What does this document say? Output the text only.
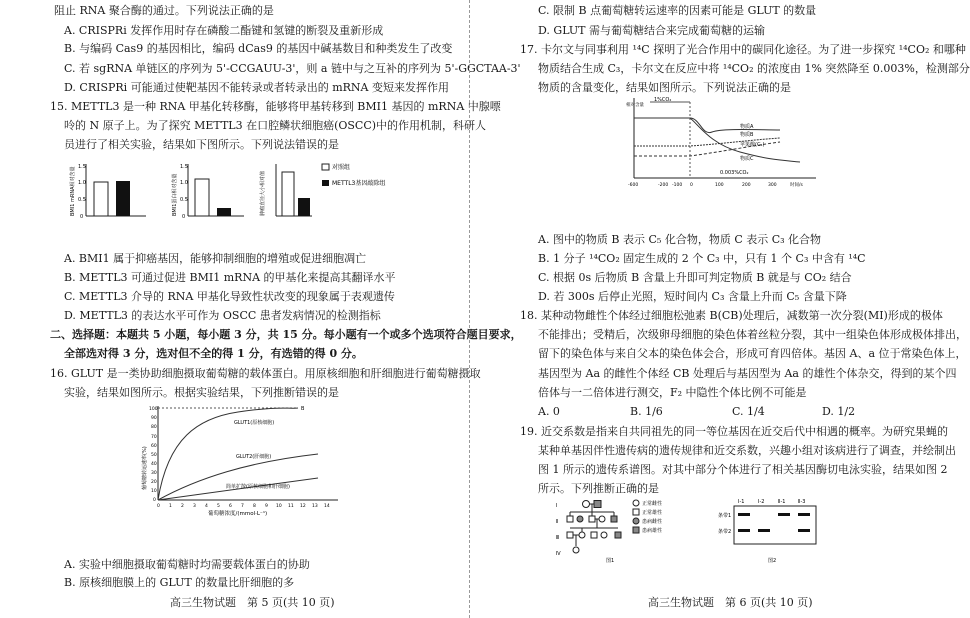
阻止 RNA 聚合酶的通过。下列说法正确的是
A. CRISPRi 发挥作用时存在磷酸二酯键和氢键的断裂及重新形成
B. 与编码 Cas9 的基因相比，编码 dCas9 的基因中碱基数目和种类发生了改变
C. 若 sgRNA 单链区的序列为 5'-CCGAUU-3'，则 a 链中与之互补的序列为 5'-GGCTAA-3'
D. CRISPRi 可能通过使靶基因不能转录或者转录出的 mRNA 变短来发挥作用
15. METTL3 是一种 RNA 甲基化转移酶，能够将甲基转移到 BMI1 基因的 mRNA 中腺嘌
呤的 N 原子上。为了探究 METTL3 在口腔鳞状细胞癌(OSCC)中的作用机制，科研人
员进行了相关实验，结果如下图所示。下列说法错误的是
BMI1 mRNA相对含量 1.5
1.0
0.5
0
BMI1蛋白相对含量
1.5
1.0
0.5
0
肿瘤直径大小相对值
对照组
METTL3基因敲除组
A. BMI1 属于抑癌基因，能够抑制细胞的增殖或促进细胞凋亡
B. METTL3 可通过促进 BMI1 mRNA 的甲基化来提高其翻译水平
C. METTL3 介导的 RNA 甲基化导致性状改变的现象属于表观遗传
D. METTL3 的表达水平可作为 OSCC 患者发病情况的检测指标
二、选择题：本题共 5 小题，每小题 3 分，共 15 分。每小题有一个或多个选项符合题目要求，
全部选对得 3 分，选对但不全的得 1 分，有选错的得 0 分。
16. GLUT 是一类协助细胞摄取葡萄糖的载体蛋白。用原核细胞和肝细胞进行葡萄糖摄取
实验，结果如图所示。根据实验结果，下列推断错误的是
葡萄糖转运速率(%)
100
90
80
70
60
50
40
30
20
10
0
0 1 2 3 4 5 6 7 8 9 10 11 12 13 14
葡萄糖浓度/(mmol·L⁻¹)
B
GLUT1(原核细胞)
GLUT2(肝细胞)
简单扩散(原核细胞和肝细胞)
A. 实验中细胞摄取葡萄糖时均需要载体蛋白的协助
B. 原核细胞膜上的 GLUT 的数量比肝细胞的多
高三生物试题　第 5 页(共 10 页)
C. 限制 B 点葡萄糖转运速率的因素可能是 GLUT 的数量
D. GLUT 需与葡萄糖结合来完成葡萄糖的运输
17. 卡尔文与同事利用 ¹⁴C 探明了光合作用中的碳同化途径。为了进一步探究 ¹⁴CO₂ 和哪种
物质结合生成 C₃，卡尔文在反应中将 ¹⁴CO₂ 的浓度由 1% 突然降至 0.003%，检测部分
物质的含量变化，结果如图所示。下列说法正确的是
相对含量
1%CO₂
物质A
物质B
苹果酸(C₄)
物质C
0.003%CO₂
-600	-200 -100 0	100	200	300	时间/s
A. 图中的物质 B 表示 C₅ 化合物，物质 C 表示 C₃ 化合物
B. 1 分子 ¹⁴CO₂ 固定生成的 2 个 C₃ 中，只有 1 个 C₃ 中含有 ¹⁴C
C. 根据 0s 后物质 B 含量上升即可判定物质 B 就是与 CO₂ 结合
D. 若 300s 后停止光照，短时间内 C₃ 含量上升而 C₅ 含量下降
18. 某种动物雌性个体经过细胞松弛素 B(CB)处理后，减数第一次分裂(MⅠ)形成的极体
不能排出；受精后，次级卵母细胞的染色体着丝粒分裂，其中一组染色体形成极体排出，
留下的染色体与来自父本的染色体会合，形成可育四倍体。基因 A、a 位于常染色体上，
基因型为 Aa 的雌性个体经 CB 处理后与基因型为 Aa 的雄性个体杂交，得到的某个四
倍体与一二倍体进行测交，F₂ 中隐性个体比例不可能是
A. 0	B. 1/6	C. 1/4	D. 1/2
19. 近交系数是指来自共同祖先的同一等位基因在近交后代中相遇的概率。为研究果蝇的
某种单基因伴性遗传病的遗传规律和近交系数，兴趣小组对该病进行了调查，并绘制出
图 1 所示的遗传系谱图。对其中部分个体进行了相关基因酶切电泳实验，结果如图 2
所示。下列推断正确的是
Ⅰ
Ⅱ
Ⅲ
Ⅳ
正常雌性
正常雄性
患病雌性
患病雄性
图1
Ⅰ-1	Ⅰ-2	Ⅱ-1	Ⅱ-3
条带1
条带2
图2
高三生物试题　第 6 页(共 10 页)
